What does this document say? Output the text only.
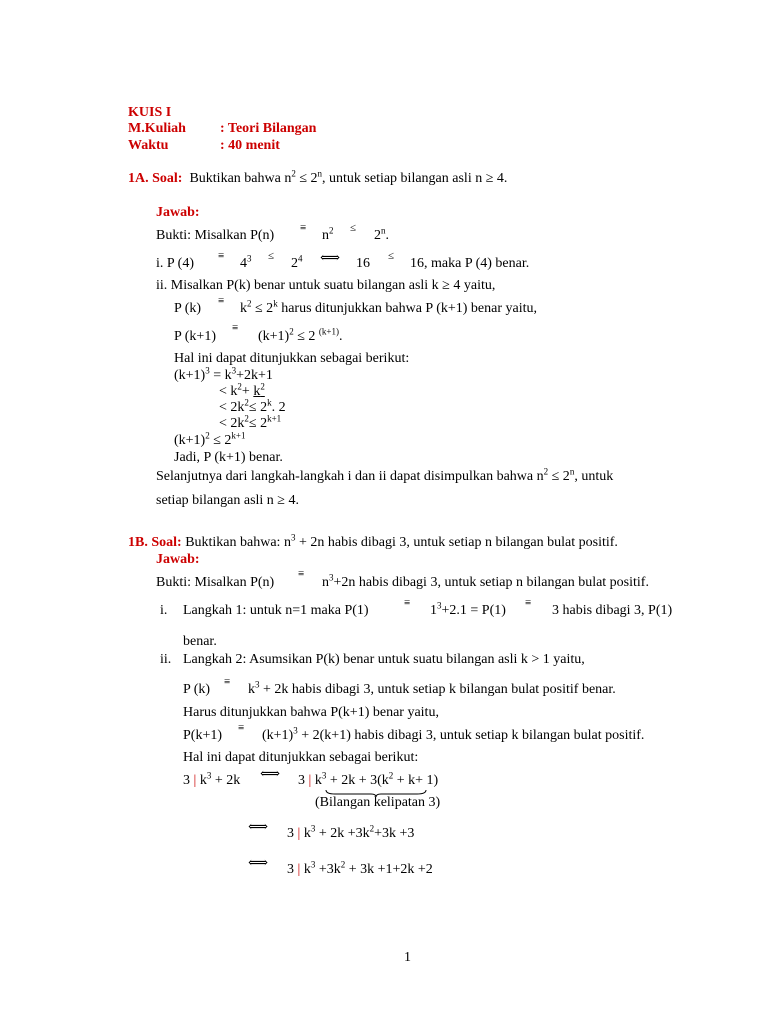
KUIS I
M.Kuliah : Teori Bilangan
Waktu	: 40 menit
1A. Soal: Buktikan bahwa $n^2 \le 2^n$, untuk setiap bilangan asli n ≥ 4.
Jawab:
Bukti: Misalkan $P(n) \equiv n^2 \le 2^n$.
i. P $(4) \equiv 4^3 \le 2^4$ ⟺ 16 ≤ 16, maka P (4) benar.
ii. Misalkan P(k) benar untuk suatu bilangan asli k ≥ 4 yaitu,
P $(k) \equiv k^2 \le 2^k$ harus ditunjukkan bahwa P (k+1) benar yaitu,
P (k+1)
≡
$(k+1)^2 \le 2$ $^{(k+1)}$.
Hal ini dapat ditunjukkan sebagai berikut:
$(k+1)^3 = k^3+2k+1$
< $k^2+ k^2$
< $2k^2\le 2^k$. 2
< $2k^2\le 2^{k+1}$
$(k+1)^2 \le 2^{k+1}$
Jadi, P (k+1) benar.
Selanjutnya dari langkah-langkah i dan ii dapat disimpulkan bahwa $n^2 \le 2^n$, untuk
setiap bilangan asli n ≥ 4.
1B. Soal: Buktikan bahwa: $n^3 + 2n$ habis dibagi 3, untuk setiap n bilangan bulat positif.
Jawab:
Bukti: Misalkan P(n)
≡
$n^3+2n$ habis dibagi 3, untuk setiap n bilangan bulat positif.
i. Langkah 1: untuk n=1 maka P(1)	≡ $1^3+2.1 = P(1) \equiv 3$ habis dibagi 3, P(1)
benar.
ii. Langkah 2: Asumsikan P(k) benar untuk suatu bilangan asli k > 1 yaitu,
P $(k) \equiv k^3 + 2k$ habis dibagi 3, untuk setiap k bilangan bulat positif benar.
Harus ditunjukkan bahwa P(k+1) benar yaitu,
$P(k+1) \equiv (k+1)^3 + 2(k+1)$ habis dibagi 3, untuk setiap k bilangan bulat positif.
Hal ini dapat ditunjukkan sebagai berikut:
3 | $k^3 + 2k$ ⟺ 3 | $k^3 + 2k + 3(k^2 + k+ 1)$
(Bilangan kelipatan 3)
⟺ 3 | $k^3 + 2k +3k^2+3k +3$
⟺ 3 | $k^3 +3k^2 + 3k +1+2k +2$
1
